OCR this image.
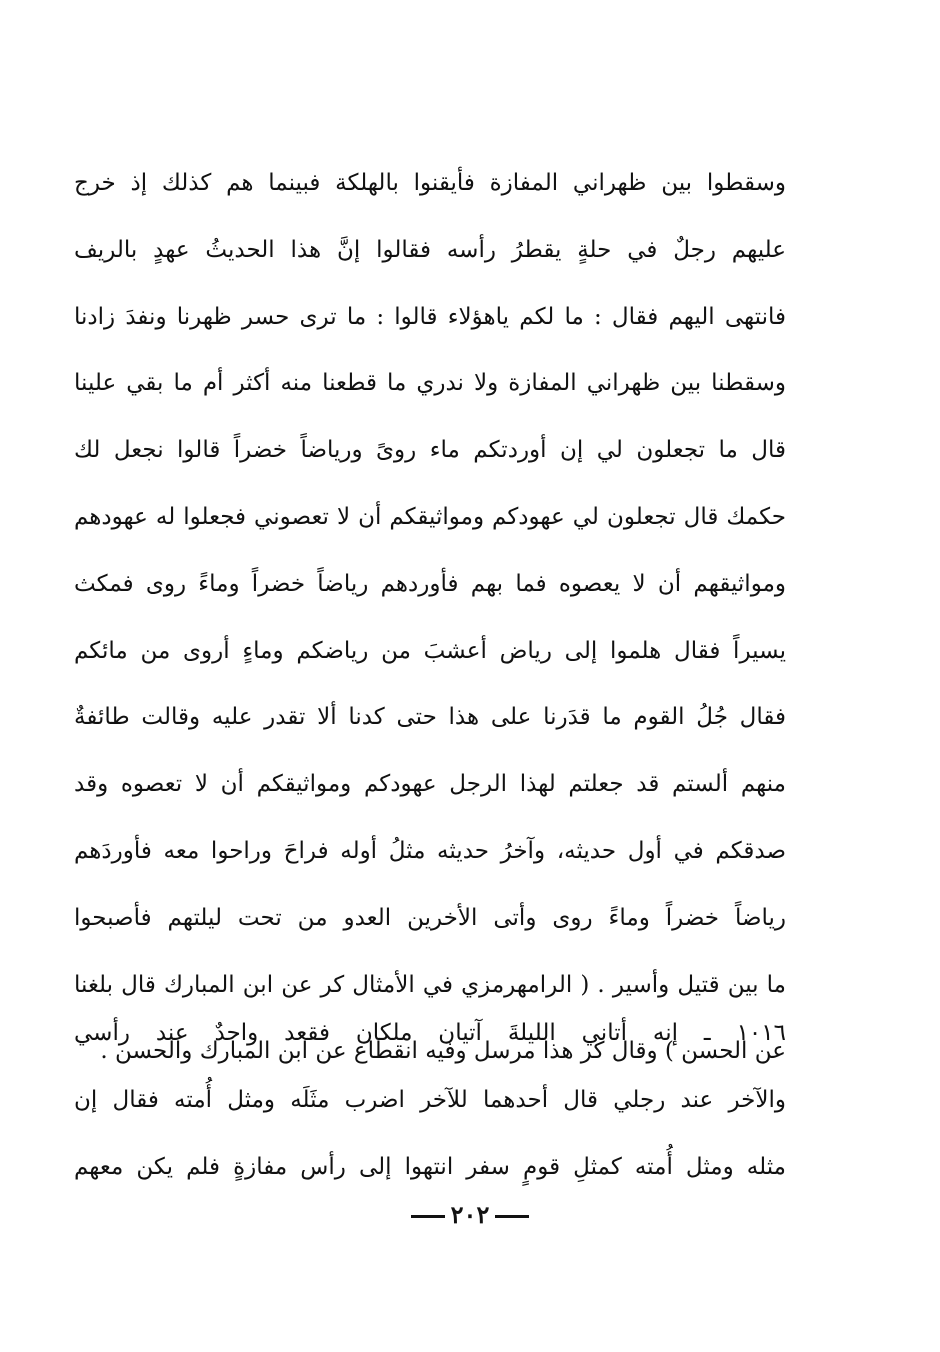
وسقطوا بين ظهراني المفازة فأيقنوا بالهلكة فبينما هم كذلك إذ خرج
عليهم رجلٌ في حلةٍ يقطرُ رأسه فقالوا إنَّ هذا الحديثُ عهدٍ بالريف
فانتهى اليهم فقال : ما لكم ياهؤلاء قالوا : ما ترى حسر ظهرنا ونفدَ زادنا
وسقطنا بين ظهراني المفازة ولا ندري ما قطعنا منه أكثر أم ما بقي علينا
قال ما تجعلون لي إن أوردتكم ماء روىً ورياضاً خضراً قالوا نجعل لك
حكمك قال تجعلون لي عهودكم ومواثيقكم أن لا تعصوني فجعلوا له عهودهم
ومواثيقهم أن لا يعصوه فما بهم فأوردهم رياضاً خضراً وماءً روى فمكث
يسيراً فقال هلموا إلى رياض أعشبَ من رياضكم وماءٍ أروى من مائكم
فقال جُلُ القوم ما قدَرنا على هذا حتى كدنا ألا تقدر عليه وقالت طائفةٌ
منهم ألستم قد جعلتم لهذا الرجل عهودكم ومواثيقكم أن لا تعصوه وقد
صدقكم في أول حديثه، وآخرُ حديثه مثلُ أوله فراحَ وراحوا معه فأوردَهم
رياضاً خضراً وماءً روى وأتى الأخرين العدو من تحت ليلتهم فأصبحوا
ما بين قتيل وأسير . ( الرامهرمزي في الأمثال كر عن ابن المبارك قال بلغنا
عن الحسن ) وقال كر هذا مرسل وفيه انقطاع عن ابن المبارك والحسن .
١٠١٦ ـ إنه أتاني الليلةَ آتيان ملكان فقعد واحدٌ عند رأسي
والآخر عند رجلي قال أحدهما للآخر اضرب مثَلَه ومثل أُمته فقال إن
مثله ومثل أُمته كمثلِ قومٍ سفر انتهوا إلى رأس مفازةٍ فلم يكن معهم
٢٠٢
